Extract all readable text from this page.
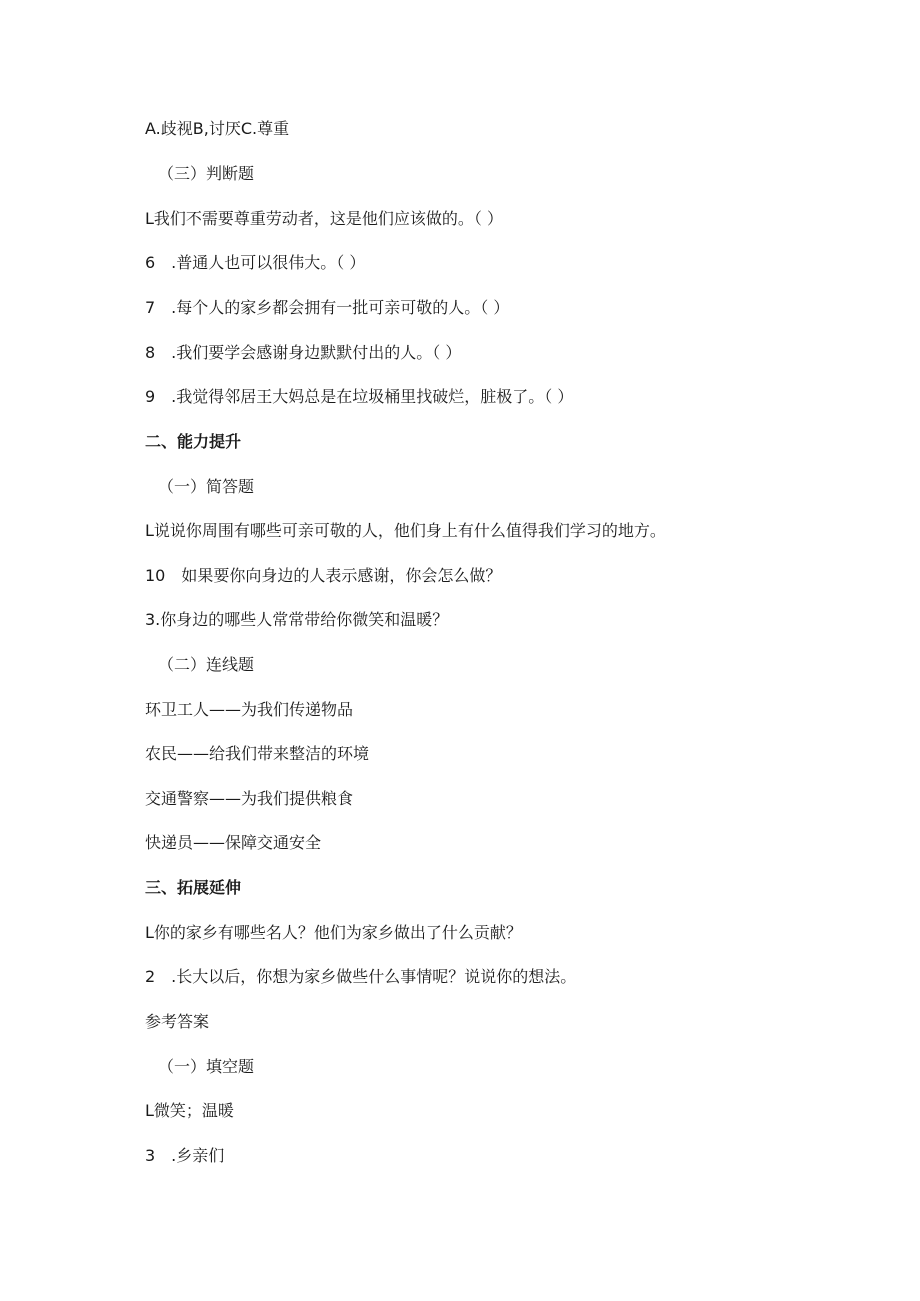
A.歧视B,讨厌C.尊重
（三）判断题
L我们不需要尊重劳动者，这是他们应该做的。（ ）
6　.普通人也可以很伟大。（ ）
7　.每个人的家乡都会拥有一批可亲可敬的人。（ ）
8　.我们要学会感谢身边默默付出的人。（ ）
9　.我觉得邻居王大妈总是在垃圾桶里找破烂，脏极了。（ ）
二、能力提升
（一）简答题
L说说你周围有哪些可亲可敬的人，他们身上有什么值得我们学习的地方。
10　如果要你向身边的人表示感谢，你会怎么做？
3.你身边的哪些人常常带给你微笑和温暖？
（二）连线题
环卫工人——为我们传递物品
农民——给我们带来整洁的环境
交通警察——为我们提供粮食
快递员——保障交通安全
三、拓展延伸
L你的家乡有哪些名人？他们为家乡做出了什么贡献？
2　.长大以后，你想为家乡做些什么事情呢？说说你的想法。
参考答案
（一）填空题
L微笑；温暖
3　.乡亲们
